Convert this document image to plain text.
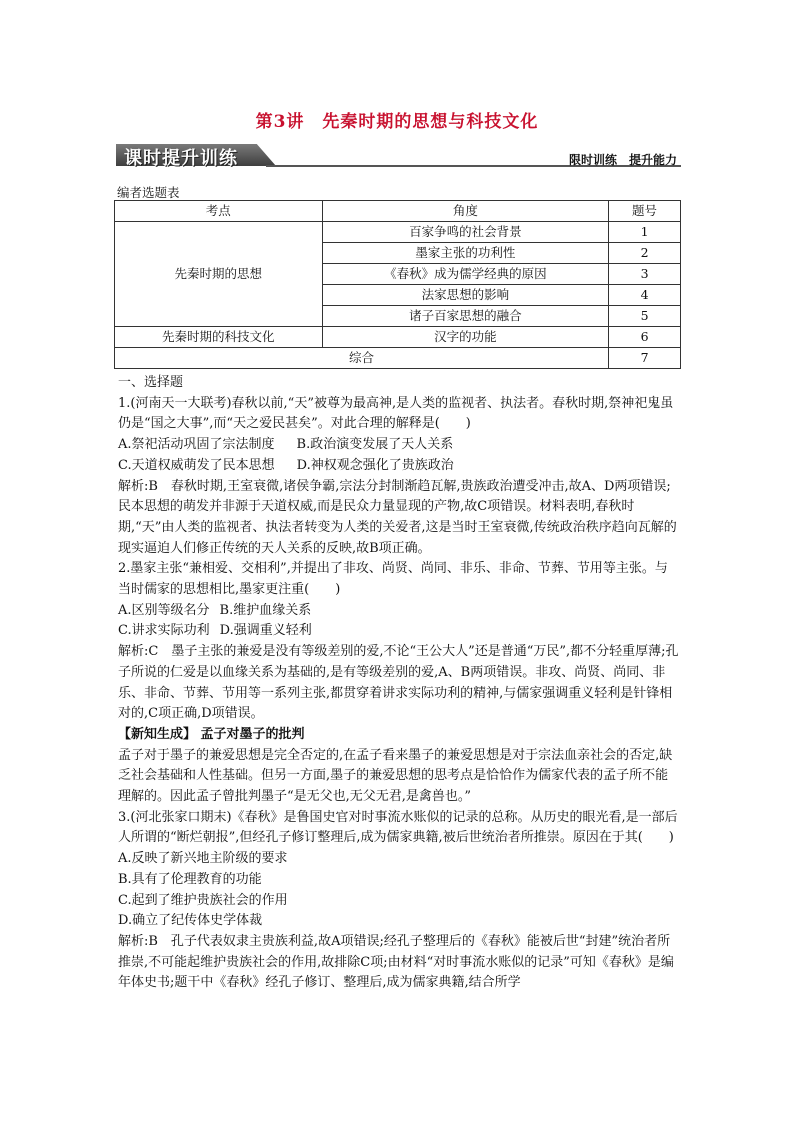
第3讲　先秦时期的思想与科技文化
课时提升训练	限时训练　提升能力
编者选题表
考点	角度	题号
先秦时期的思想	百家争鸣的社会背景	1
	墨家主张的功利性	2
	《春秋》成为儒学经典的原因	3
	法家思想的影响	4
	诸子百家思想的融合	5
先秦时期的科技文化	汉字的功能	6
综合		7

一、选择题

1.(河南天一大联考)春秋以前,“天”被尊为最高神,是人类的监视者、执法者。春秋时期,祭神祀鬼虽仍是“国之大事”,而“天之爱民甚矣”。对此合理的解释是(　　)

A.祭祀活动巩固了宗法制度 B.政治演变发展了天人关系

C.天道权威萌发了民本思想 D.神权观念强化了贵族政治

解析:B　春秋时期,王室衰微,诸侯争霸,宗法分封制渐趋瓦解,贵族政治遭受冲击,故A、D两项错误;民本思想的萌发并非源于天道权威,而是民众力量显现的产物,故C项错误。材料表明,春秋时期,“天”由人类的监视者、执法者转变为人类的关爱者,这是当时王室衰微,传统政治秩序趋向瓦解的现实逼迫人们修正传统的天人关系的反映,故B项正确。

2.墨家主张“兼相爱、交相利”,并提出了非攻、尚贤、尚同、非乐、非命、节葬、节用等主张。与当时儒家的思想相比,墨家更注重(　　)

A.区别等级名分 B.维护血缘关系

C.讲求实际功利 D.强调重义轻利

解析:C　墨子主张的兼爱是没有等级差别的爱,不论“王公大人”还是普通“万民”,都不分轻重厚薄;孔子所说的仁爱是以血缘关系为基础的,是有等级差别的爱,A、B两项错误。非攻、尚贤、尚同、非乐、非命、节葬、节用等一系列主张,都贯穿着讲求实际功利的精神,与儒家强调重义轻利是针锋相对的,C项正确,D项错误。

【新知生成】 孟子对墨子的批判

孟子对于墨子的兼爱思想是完全否定的,在孟子看来墨子的兼爱思想是对于宗法血亲社会的否定,缺乏社会基础和人性基础。但另一方面,墨子的兼爱思想的思考点是恰恰作为儒家代表的孟子所不能理解的。因此孟子曾批判墨子“是无父也,无父无君,是禽兽也。”

3.(河北张家口期末)《春秋》是鲁国史官对时事流水账似的记录的总称。从历史的眼光看,是一部后人所谓的“断烂朝报”,但经孔子修订整理后,成为儒家典籍,被后世统治者所推崇。原因在于其(　　)

A.反映了新兴地主阶级的要求

B.具有了伦理教育的功能

C.起到了维护贵族社会的作用

D.确立了纪传体史学体裁

解析:B　孔子代表奴隶主贵族利益,故A项错误;经孔子整理后的《春秋》能被后世“封建”统治者所推崇,不可能起维护贵族社会的作用,故排除C项;由材料“对时事流水账似的记录”可知《春秋》是编年体史书;题干中《春秋》经孔子修订、整理后,成为儒家典籍,结合所学
